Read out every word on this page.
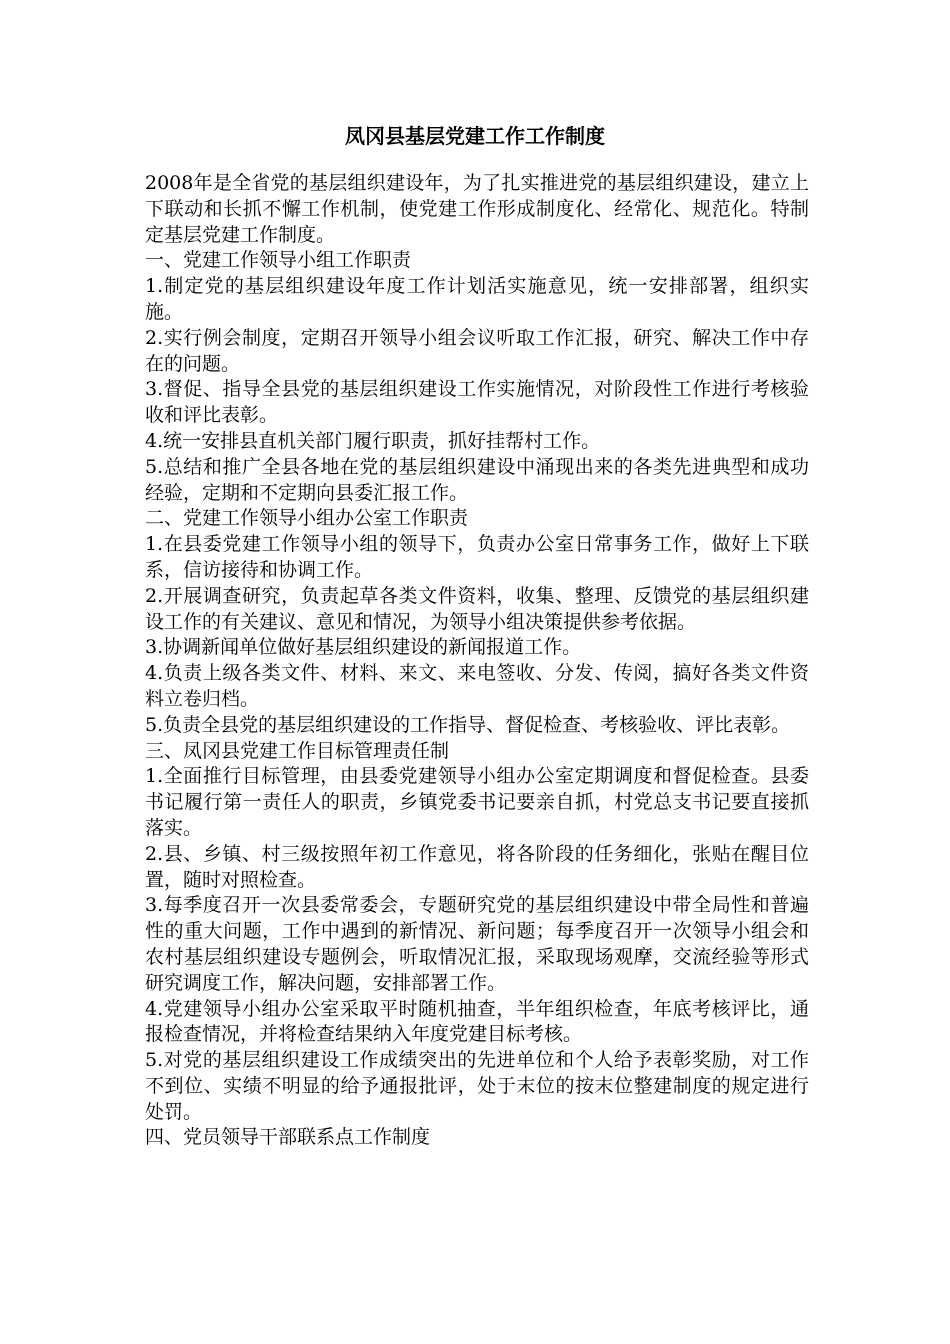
凤冈县基层党建工作工作制度

2008年是全省党的基层组织建设年，为了扎实推进党的基层组织建设，建立上下联动和长抓不懈工作机制，使党建工作形成制度化、经常化、规范化。特制定基层党建工作制度。

一、党建工作领导小组工作职责

1.制定党的基层组织建设年度工作计划活实施意见，统一安排部署，组织实施。

2.实行例会制度，定期召开领导小组会议听取工作汇报，研究、解决工作中存在的问题。

3.督促、指导全县党的基层组织建设工作实施情况，对阶段性工作进行考核验收和评比表彰。

4.统一安排县直机关部门履行职责，抓好挂帮村工作。

5.总结和推广全县各地在党的基层组织建设中涌现出来的各类先进典型和成功经验，定期和不定期向县委汇报工作。

二、党建工作领导小组办公室工作职责

1.在县委党建工作领导小组的领导下，负责办公室日常事务工作，做好上下联系，信访接待和协调工作。

2.开展调查研究，负责起草各类文件资料，收集、整理、反馈党的基层组织建设工作的有关建议、意见和情况，为领导小组决策提供参考依据。

3.协调新闻单位做好基层组织建设的新闻报道工作。

4.负责上级各类文件、材料、来文、来电签收、分发、传阅，搞好各类文件资料立卷归档。

5.负责全县党的基层组织建设的工作指导、督促检查、考核验收、评比表彰。

三、凤冈县党建工作目标管理责任制

1.全面推行目标管理，由县委党建领导小组办公室定期调度和督促检查。县委书记履行第一责任人的职责，乡镇党委书记要亲自抓，村党总支书记要直接抓落实。

2.县、乡镇、村三级按照年初工作意见，将各阶段的任务细化，张贴在醒目位置，随时对照检查。

3.每季度召开一次县委常委会，专题研究党的基层组织建设中带全局性和普遍性的重大问题，工作中遇到的新情况、新问题；每季度召开一次领导小组会和农村基层组织建设专题例会，听取情况汇报，采取现场观摩，交流经验等形式研究调度工作，解决问题，安排部署工作。

4.党建领导小组办公室采取平时随机抽查，半年组织检查，年底考核评比，通报检查情况，并将检查结果纳入年度党建目标考核。

5.对党的基层组织建设工作成绩突出的先进单位和个人给予表彰奖励，对工作不到位、实绩不明显的给予通报批评，处于末位的按末位整建制度的规定进行处罚。

四、党员领导干部联系点工作制度
